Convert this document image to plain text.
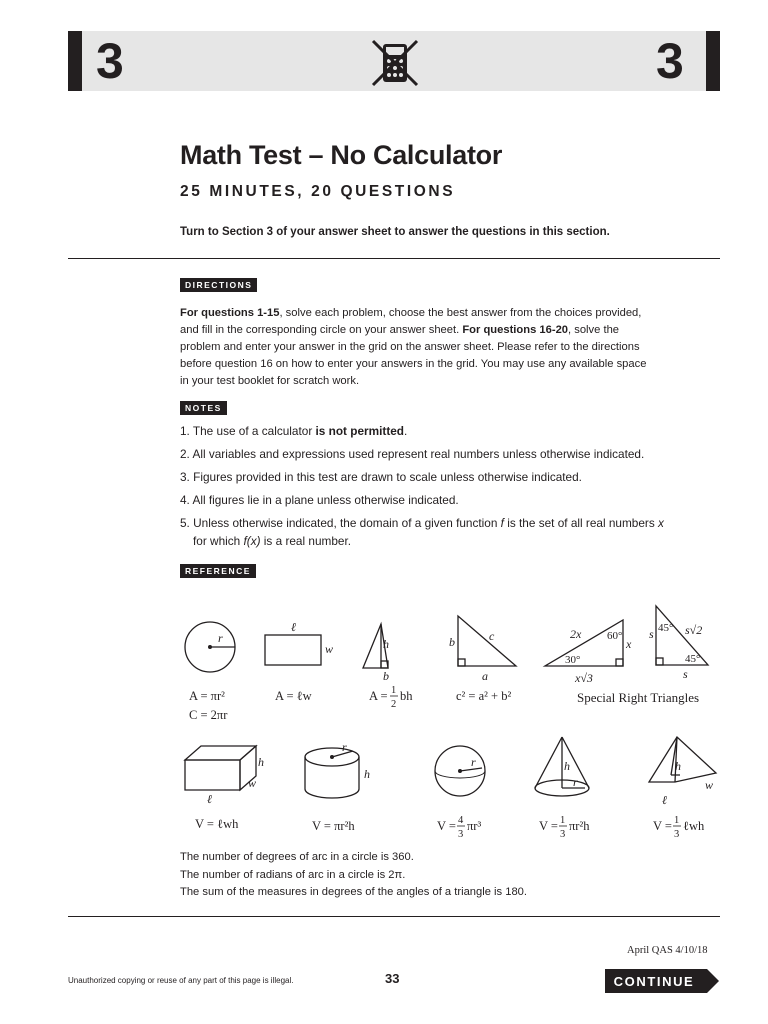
3	3
Math Test – No Calculator
25 MINUTES, 20 QUESTIONS
Turn to Section 3 of your answer sheet to answer the questions in this section.
DIRECTIONS
For questions 1-15, solve each problem, choose the best answer from the choices provided, and fill in the corresponding circle on your answer sheet. For questions 16-20, solve the problem and enter your answer in the grid on the answer sheet. Please refer to the directions before question 16 on how to enter your answers in the grid. You may use any available space in your test booklet for scratch work.
NOTES
1. The use of a calculator is not permitted.
2. All variables and expressions used represent real numbers unless otherwise indicated.
3. Figures provided in this test are drawn to scale unless otherwise indicated.
4. All figures lie in a plane unless otherwise indicated.
5. Unless otherwise indicated, the domain of a given function f is the set of all real numbers x for which f(x) is a real number.
REFERENCE
r
ℓ
w	h
b
b	c
a
2x
x
x√3
s	s√2
s
h
w
ℓ
r
h
r	h
r
h
w
ℓ
60°
30°
45°
45°
A = πr²
C = 2πr
A = ℓw	A = 1
2
bh	c² = a² + b²	Special Right Triangles
V = ℓwh	V = πr²h	V = 4
3
πr³	V = 1
3
πr²h	V = 1
3
ℓwh
The number of degrees of arc in a circle is 360.
The number of radians of arc in a circle is 2π.
The sum of the measures in degrees of the angles of a triangle is 180.
April QAS 4/10/18
Unauthorized copying or reuse of any part of this page is illegal.	33	CONTINUE
